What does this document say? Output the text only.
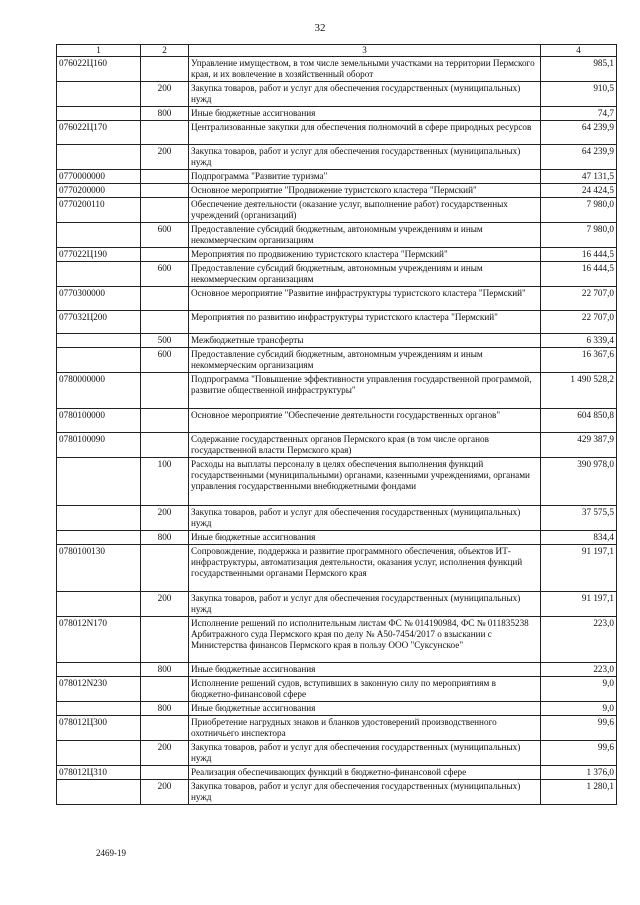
32
1	2	3	4
076022Ц160		Управление имуществом, в том числе земельными участками на территории Пермского края, и их вовлечение в хозяйственный оборот	985,1
	200	Закупка товаров, работ и услуг для обеспечения государственных (муниципальных) нужд	910,5
	800	Иные бюджетные ассигнования	74,7
076022Ц170		Централизованные закупки для обеспечения полномочий в сфере природных ресурсов	64 239,9
	200	Закупка товаров, работ и услуг для обеспечения государственных (муниципальных) нужд	64 239,9
0770000000		Подпрограмма "Развитие туризма"	47 131,5
0770200000		Основное мероприятие "Продвижение туристского кластера "Пермский"	24 424,5
0770200110		Обеспечение деятельности (оказание услуг, выполнение работ) государственных учреждений (организаций)	7 980,0
	600	Предоставление субсидий бюджетным, автономным учреждениям и иным некоммерческим организациям	7 980,0
077022Ц190		Мероприятия по продвижению туристского кластера "Пермский"	16 444,5
	600	Предоставление субсидий бюджетным, автономным учреждениям и иным некоммерческим организациям	16 444,5
0770300000		Основное мероприятие "Развитие инфраструктуры туристского кластера "Пермский"	22 707,0
077032Ц200		Мероприятия по развитию инфраструктуры туристского кластера "Пермский"	22 707,0
	500	Межбюджетные трансферты	6 339,4
	600	Предоставление субсидий бюджетным, автономным учреждениям и иным некоммерческим организациям	16 367,6
0780000000		Подпрограмма "Повышение эффективности управления государственной программой, развитие общественной инфраструктуры"	1 490 528,2
0780100000		Основное мероприятие "Обеспечение деятельности государственных органов"	604 850,8
0780100090		Содержание государственных органов Пермского края (в том числе органов государственной власти Пермского края)	429 387,9
	100	Расходы на выплаты персоналу в целях обеспечения выполнения функций государственными (муниципальными) органами, казенными учреждениями, органами управления государственными внебюджетными фондами	390 978,0
	200	Закупка товаров, работ и услуг для обеспечения государственных (муниципальных) нужд	37 575,5
	800	Иные бюджетные ассигнования	834,4
0780100130		Сопровождение, поддержка и развитие программного обеспечения, объектов ИТ-инфраструктуры, автоматизация деятельности, оказания услуг, исполнения функций государственными органами Пермского края	91 197,1
	200	Закупка товаров, работ и услуг для обеспечения государственных (муниципальных) нужд	91 197,1
078012N170		Исполнение решений по исполнительным листам ФС № 014190984, ФС № 011835238 Арбитражного суда Пермского края по делу № А50-7454/2017 о взыскании с Министерства финансов Пермского края в пользу ООО "Суксунское"	223,0
	800	Иные бюджетные ассигнования	223,0
078012N230		Исполнение решений судов, вступивших в законную силу по мероприятиям в бюджетно-финансовой сфере	9,0
	800	Иные бюджетные ассигнования	9,0
078012Ц300		Приобретение нагрудных знаков и бланков удостоверений производственного охотничьего инспектора	99,6
	200	Закупка товаров, работ и услуг для обеспечения государственных (муниципальных) нужд	99,6
078012Ц310		Реализация обеспечивающих функций в бюджетно-финансовой сфере	1 376,0
	200	Закупка товаров, работ и услуг для обеспечения государственных (муниципальных) нужд	1 280,1
2469-19
